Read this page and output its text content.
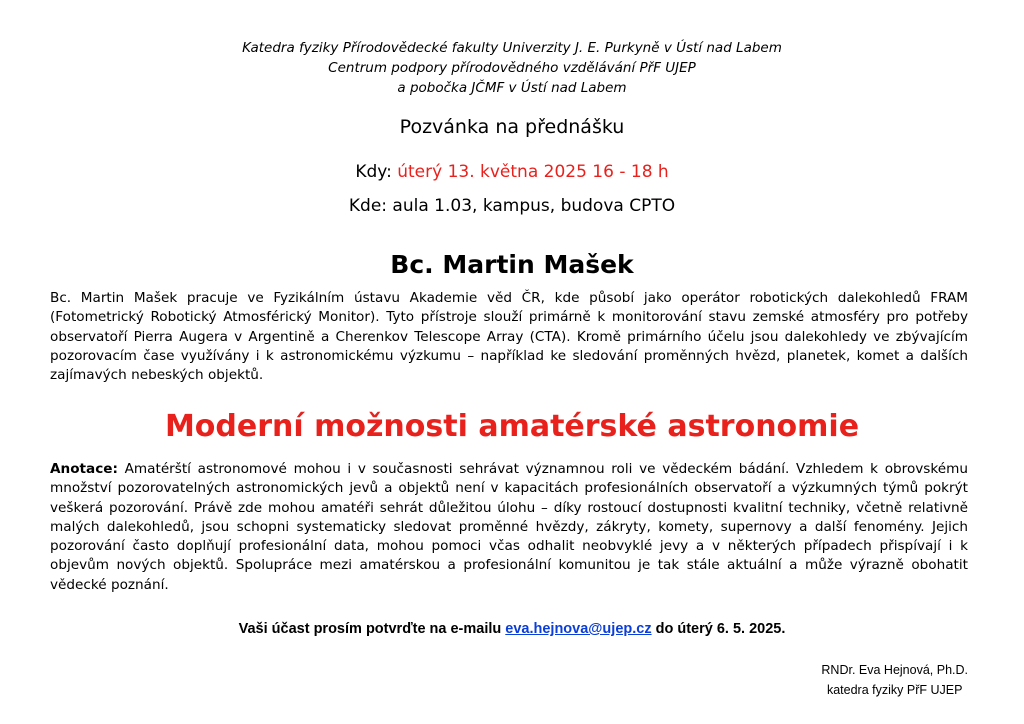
Katedra fyziky Přírodovědecké fakulty Univerzity J. E. Purkyně v Ústí nad Labem
Centrum podpory přírodovědného vzdělávání PřF UJEP
a pobočka JČMF v Ústí nad Labem
Pozvánka na přednášku
Kdy: úterý 13. května 2025 16 - 18 h
Kde: aula 1.03, kampus, budova CPTO
Bc. Martin Mašek
Bc. Martin Mašek pracuje ve Fyzikálním ústavu Akademie věd ČR, kde působí jako operátor robotických dalekohledů FRAM (Fotometrický Robotický Atmosférický Monitor). Tyto přístroje slouží primárně k monitorování stavu zemské atmosféry pro potřeby observatoří Pierra Augera v Argentině a Cherenkov Telescope Array (CTA). Kromě primárního účelu jsou dalekohledy ve zbývajícím pozorovacím čase využívány i k astronomickému výzkumu – například ke sledování proměnných hvězd, planetek, komet a dalších zajímavých nebeských objektů.
Moderní možnosti amatérské astronomie
Anotace: Amatérští astronomové mohou i v současnosti sehrávat významnou roli ve vědeckém bádání. Vzhledem k obrovskému množství pozorovatelných astronomických jevů a objektů není v kapacitách profesionálních observatoří a výzkumných týmů pokrýt veškerá pozorování. Právě zde mohou amatéři sehrát důležitou úlohu – díky rostoucí dostupnosti kvalitní techniky, včetně relativně malých dalekohledů, jsou schopni systematicky sledovat proměnné hvězdy, zákryty, komety, supernovy a další fenomény. Jejich pozorování často doplňují profesionální data, mohou pomoci včas odhalit neobvyklé jevy a v některých případech přispívají i k objevům nových objektů. Spolupráce mezi amatérskou a profesionální komunitou je tak stále aktuální a může výrazně obohatit vědecké poznání.
Vaši účast prosím potvrďte na e-mailu eva.hejnova@ujep.cz do úterý 6. 5. 2025.
RNDr. Eva Hejnová, Ph.D.
katedra fyziky PřF UJEP
